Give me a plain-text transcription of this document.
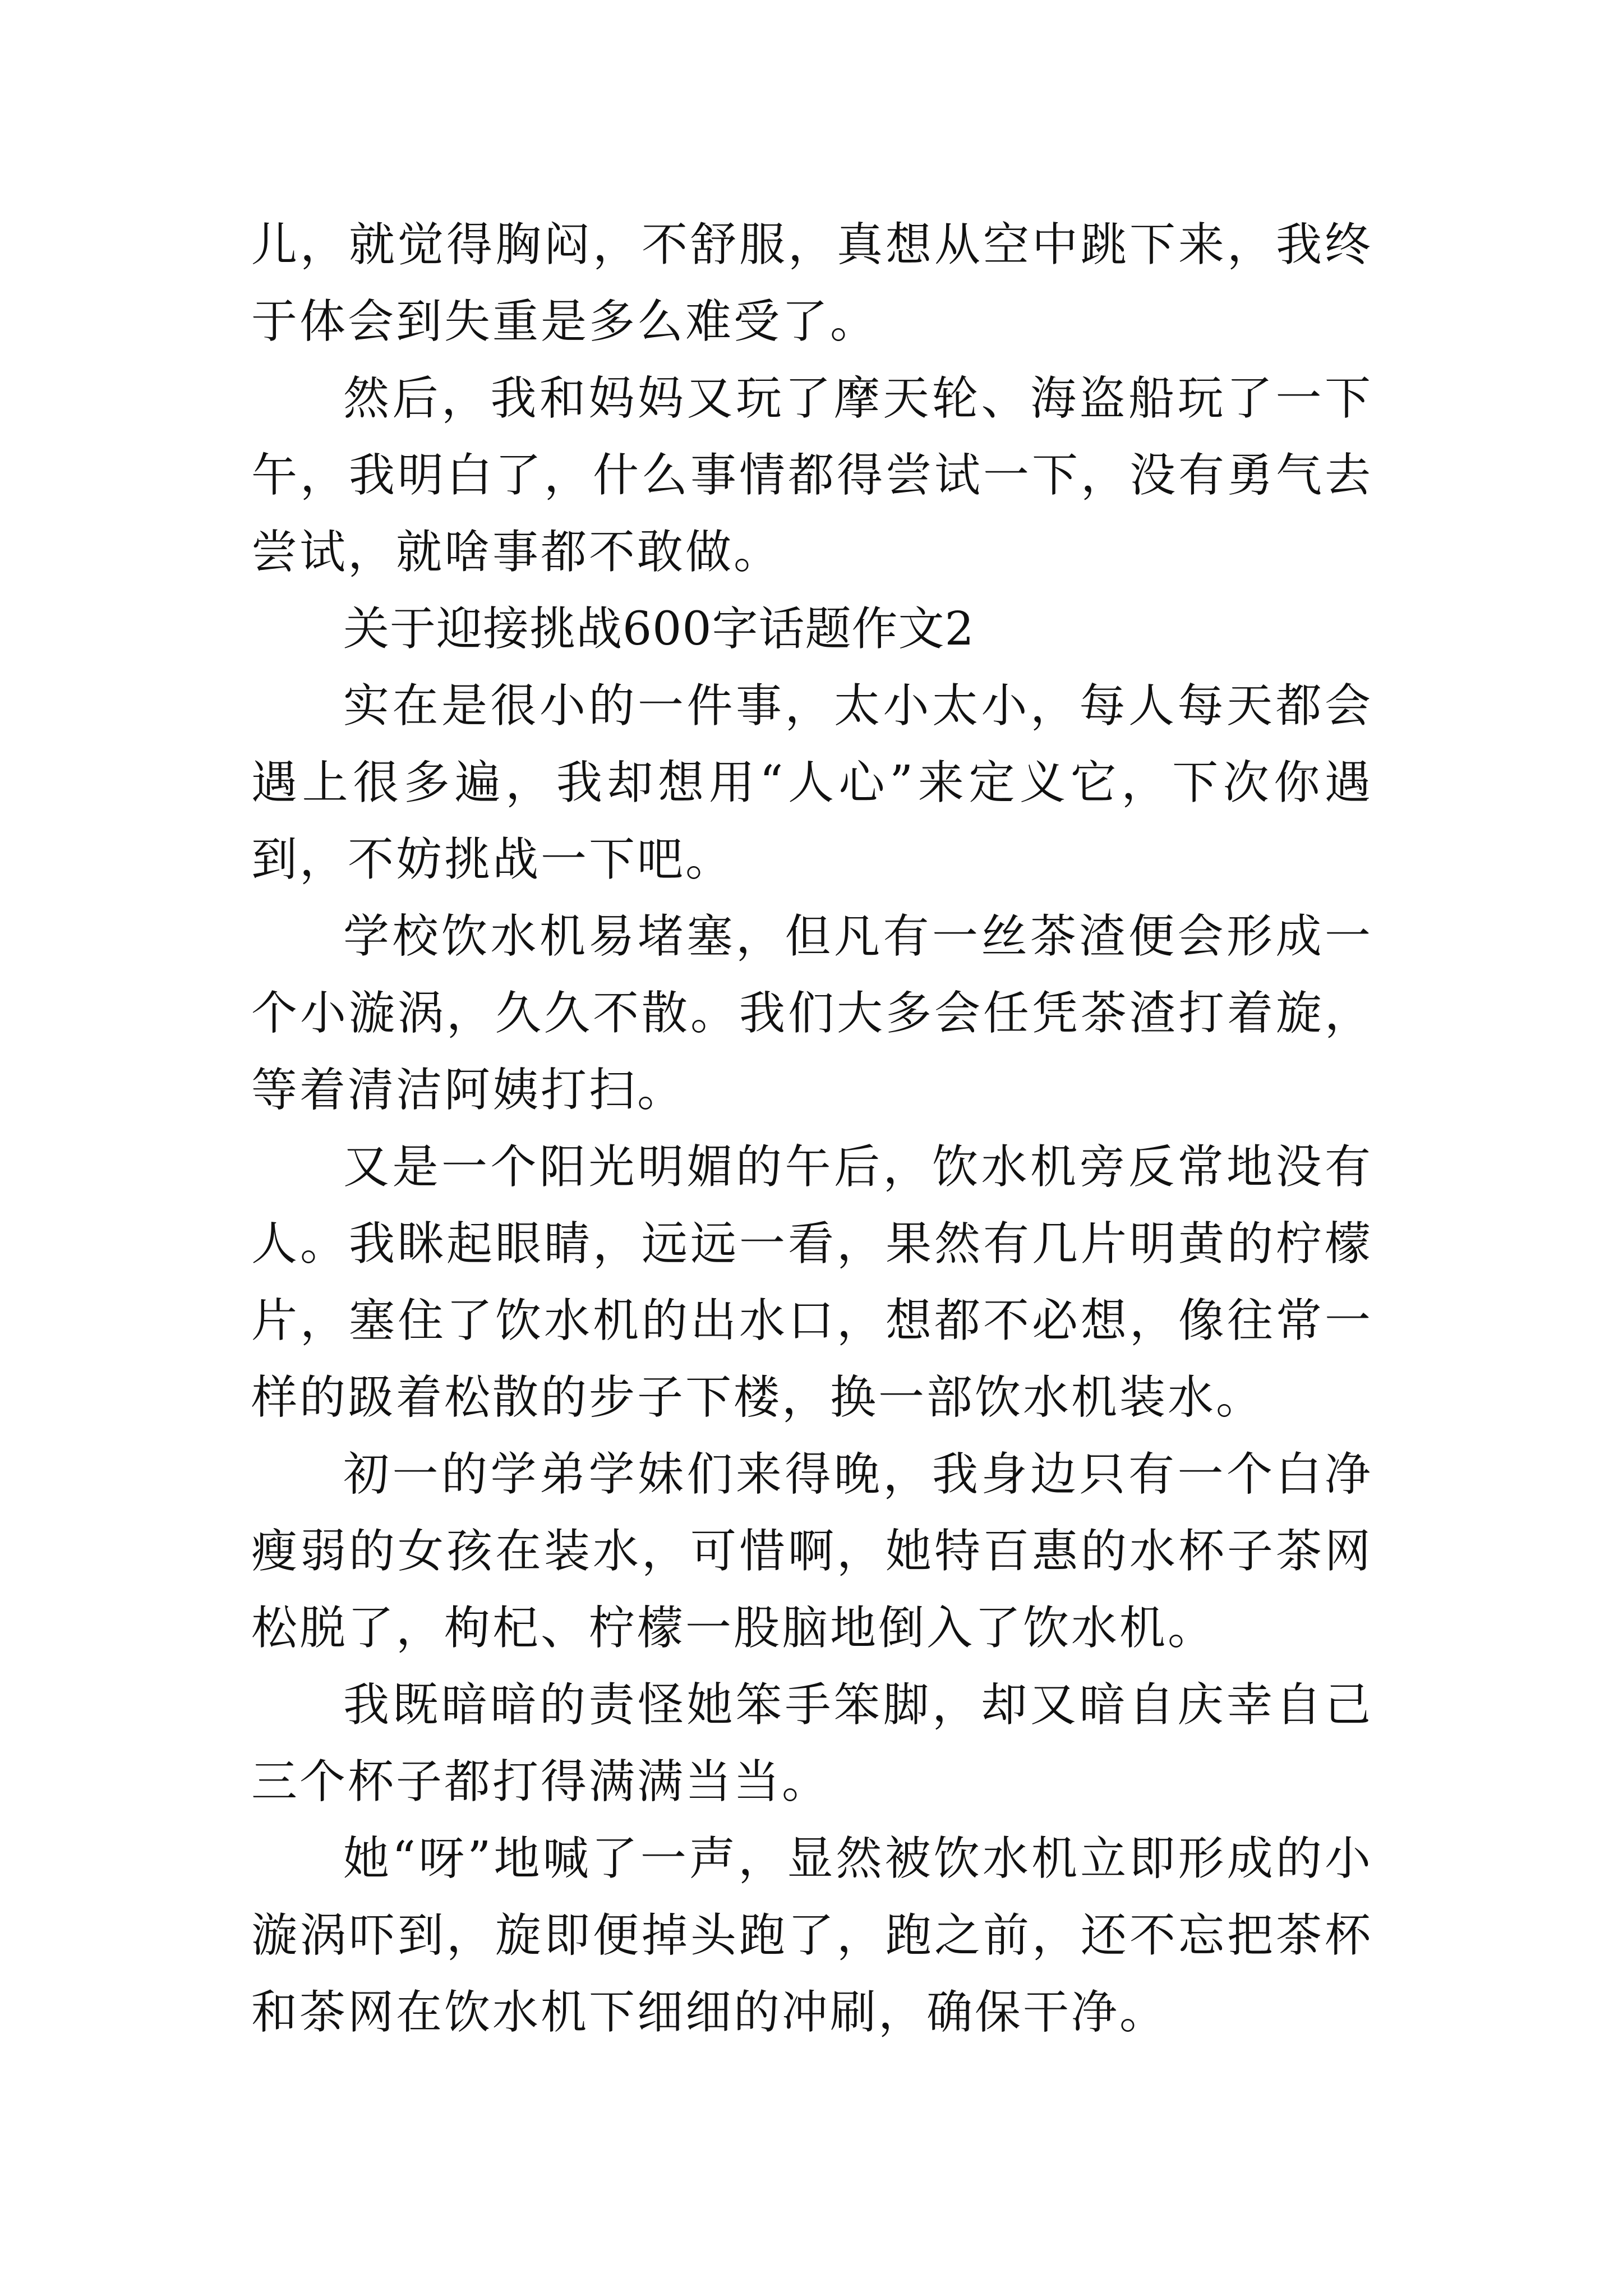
儿，就觉得胸闷，不舒服，真想从空中跳下来，我终于体会到失重是多么难受了。

然后，我和妈妈又玩了摩天轮、海盗船玩了一下午，我明白了，什么事情都得尝试一下，没有勇气去尝试，就啥事都不敢做。

关于迎接挑战600字话题作文2

实在是很小的一件事，太小太小，每人每天都会遇上很多遍，我却想用“人心”来定义它，下次你遇到，不妨挑战一下吧。

学校饮水机易堵塞，但凡有一丝茶渣便会形成一个小漩涡，久久不散。我们大多会任凭茶渣打着旋，等着清洁阿姨打扫。

又是一个阳光明媚的午后，饮水机旁反常地没有人。我眯起眼睛，远远一看，果然有几片明黄的柠檬片，塞住了饮水机的出水口，想都不必想，像往常一样的趿着松散的步子下楼，换一部饮水机装水。

初一的学弟学妹们来得晚，我身边只有一个白净瘦弱的女孩在装水，可惜啊，她特百惠的水杯子茶网松脱了，枸杞、柠檬一股脑地倒入了饮水机。

我既暗暗的责怪她笨手笨脚，却又暗自庆幸自己三个杯子都打得满满当当。

她“呀”地喊了一声，显然被饮水机立即形成的小漩涡吓到，旋即便掉头跑了，跑之前，还不忘把茶杯和茶网在饮水机下细细的冲刷，确保干净。
